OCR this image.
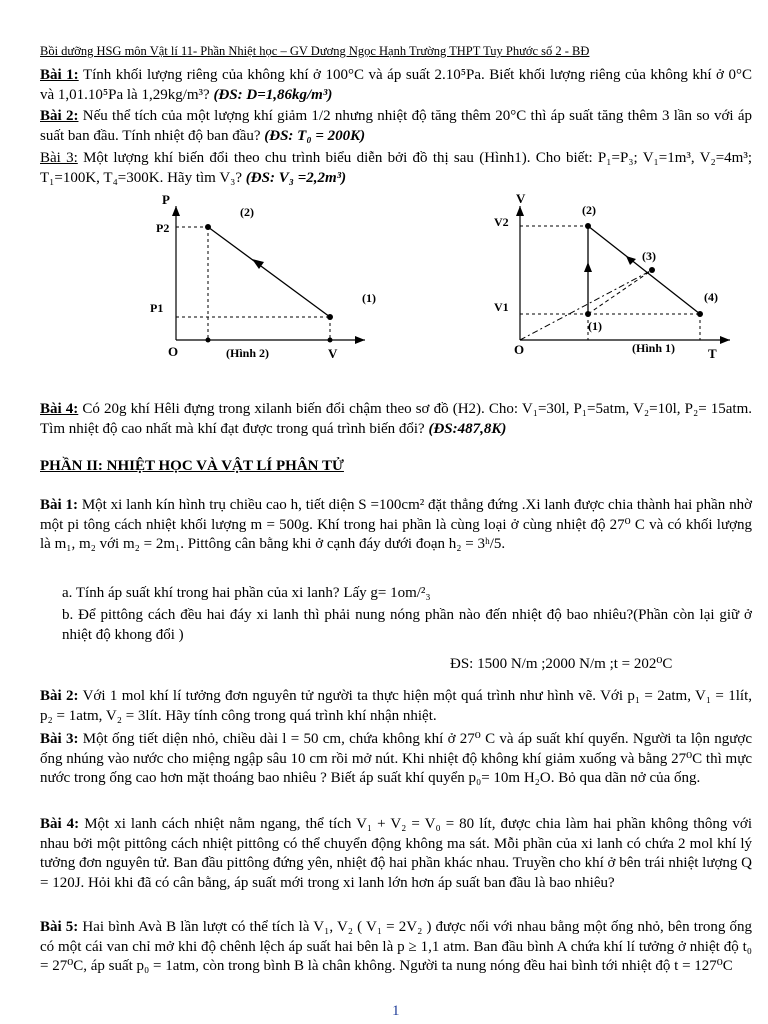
Bồi dưỡng HSG môn Vật lí 11- Phần Nhiệt học – GV Dương Ngọc Hạnh Trường THPT Tuy Phước số 2 - BĐ
Bài 1: Tính khối lượng riêng của không khí ở 100°C và áp suất 2.10⁵Pa. Biết khối lượng riêng của không khí ở 0°C và 1,01.10⁵Pa là 1,29kg/m³? (ĐS: D=1,86kg/m³)
Bài 2: Nếu thể tích của một lượng khí giảm 1/2 nhưng nhiệt độ tăng thêm 20°C thì áp suất tăng thêm 3 lần so với áp suất ban đầu. Tính nhiệt độ ban đầu? (ĐS: T₀ = 200K)
Bài 3: Một lượng khí biến đổi theo chu trình biểu diễn bởi đồ thị sau (Hình1). Cho biết: P₁=P₃; V₁=1m³, V₂=4m³; T₁=100K, T₄=300K. Hãy tìm V₃? (ĐS: V₃ =2,2m³)
P
(2)
P2
P1
(1)
O	(Hình 2)	V
V
V2
(2)
(3)
(4)
V1
(1)
O	(Hình 1)	T
Bài 4: Có 20g khí Hêli đựng trong xilanh biến đổi chậm theo sơ đồ (H2). Cho: V₁=30l, P₁=5atm, V₂=10l, P₂= 15atm. Tìm nhiệt độ cao nhất mà khí đạt được trong quá trình biến đổi? (ĐS:487,8K)
PHẦN II: NHIỆT HỌC VÀ VẬT LÍ PHÂN TỬ
Bài 1: Một xi lanh kín hình trụ chiều cao h, tiết diện S =100cm² đặt thẳng đứng .Xi lanh được chia thành hai phần nhờ một pi tông cách nhiệt khối lượng m = 500g. Khí trong hai phần là cùng loại ở cùng nhiệt độ 27⁰ C và có khối lượng là m₁, m₂ với m₂ = 2m₁. Pittông cân bằng khi ở cạnh đáy dưới đoạn h₂ = 3ʰ/5.
a. Tính áp suất khí trong hai phần của xi lanh? Lấy g= 1om/²₃
b. Để pittông cách đều hai đáy xi lanh thì phải nung nóng phần nào đến nhiệt độ bao nhiêu?(Phần còn lại giữ ở nhiệt độ khong đổi )
ĐS: 1500 N/m ;2000 N/m ;t = 202⁰C
Bài 2: Với 1 mol khí lí tưởng đơn nguyên tử người ta thực hiện một quá trình như hình vẽ. Với p₁ = 2atm, V₁ = 1lít, p₂ = 1atm, V₂ = 3lít. Hãy tính công trong quá trình khí nhận nhiệt.
Bài 3: Một ống tiết diện nhỏ, chiều dài l = 50 cm, chứa không khí ở 27⁰ C và áp suất khí quyển. Người ta lộn ngược ống nhúng vào nước cho miệng ngập sâu 10 cm rồi mở nút. Khi nhiệt độ không khí giảm xuống và bằng 27⁰C thì mực nước trong ống cao hơn mặt thoáng bao nhiêu ? Biết áp suất khí quyển p₀= 10m H₂O. Bỏ qua dãn nở của ống.
Bài 4: Một xi lanh cách nhiệt nằm ngang, thể tích V₁ + V₂ = V₀ = 80 lít, được chia làm hai phần không thông với nhau bởi một pittông cách nhiệt pittông có thể chuyển động không ma sát. Mỗi phần của xi lanh có chứa 2 mol khí lý tưởng đơn nguyên tử. Ban đầu pittông đứng yên, nhiệt độ hai phần khác nhau. Truyền cho khí ở bên trái nhiệt lượng Q = 120J. Hỏi khi đã có cân bằng, áp suất mới trong xi lanh lớn hơn áp suất ban đầu là bao nhiêu?
Bài 5: Hai bình Avà B lần lượt có thể tích là V₁, V₂ ( V₁ = 2V₂ ) được nối với nhau bằng một ống nhỏ, bên trong ống có một cái van chỉ mở khi độ chênh lệch áp suất hai bên là p ≥ 1,1 atm. Ban đầu bình A chứa khí lí tưởng ở nhiệt độ t₀ = 27⁰C, áp suất p₀ = 1atm, còn trong bình B là chân không. Người ta nung nóng đều hai bình tới nhiệt độ t = 127⁰C
1
